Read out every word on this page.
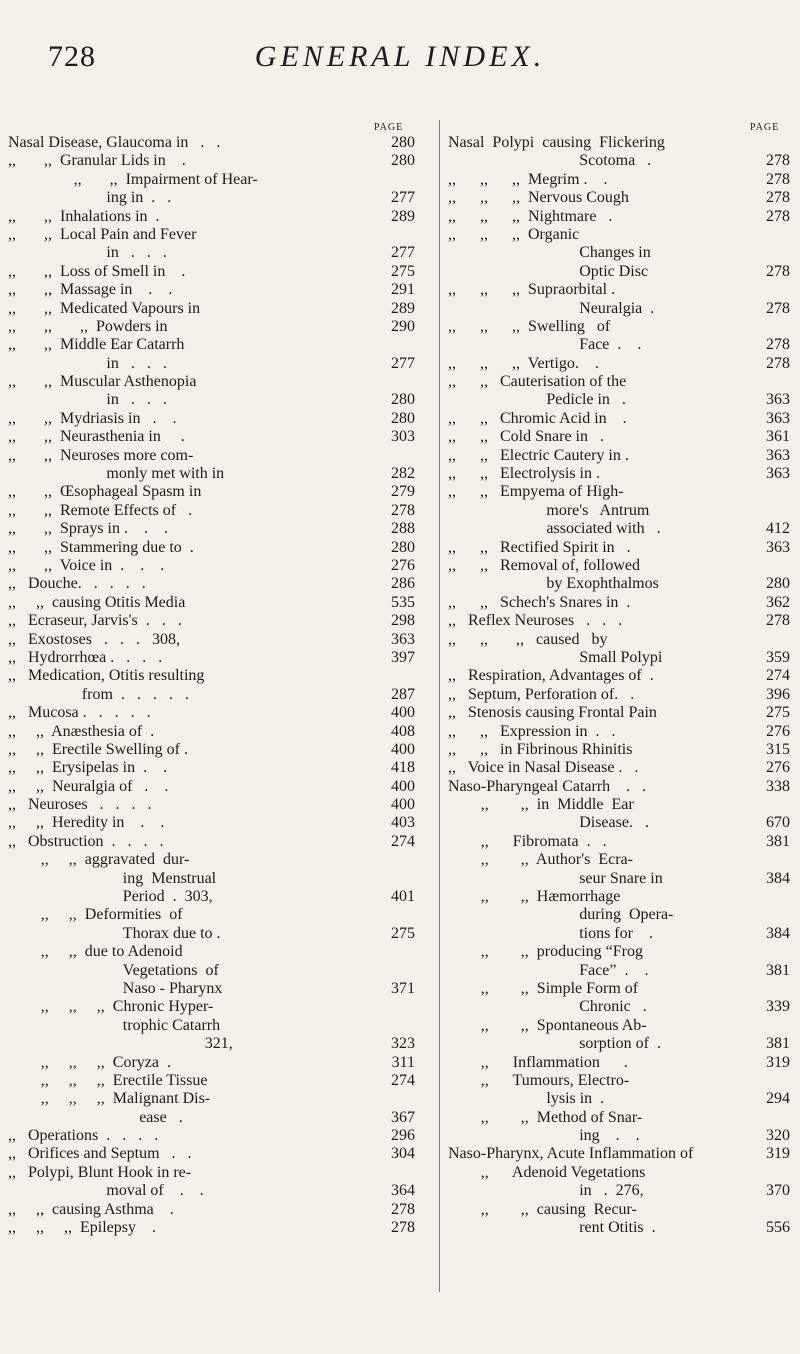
728	GENERAL INDEX.
PAGE	PAGE
Nasal Disease, Glaucoma in   .   .	280
,,       ,,  Granular Lids in    .	280
,,       ,,  Impairment of Hear-
ing in  .   .	277
,,       ,,  Inhalations in  .	289
,,       ,,  Local Pain and Fever
in   .   .   .	277
,,       ,,  Loss of Smell in    .	275
,,       ,,  Massage in    .    .	291
,,       ,,  Medicated Vapours in	289
,,       ,,       ,,  Powders in	290
,,       ,,  Middle Ear Catarrh
in   .   .   .	277
,,       ,,  Muscular Asthenopia
in   .   .   .	280
,,       ,,  Mydriasis in   .    .	280
,,       ,,  Neurasthenia in     .	303
,,       ,,  Neuroses more com-
monly met with in	282
,,       ,,  Œsophageal Spasm in	279
,,       ,,  Remote Effects of   .	278
,,       ,,  Sprays in .    .    .	288
,,       ,,  Stammering due to  .	280
,,       ,,  Voice in  .    .    .	276
,,   Douche.   .   .   .   .	286
,,     ,,  causing Otitis Media	535
,,   Ecraseur, Jarvis's  .   .   .	298
,,   Exostoses   .   .   .   308,	363
,,   Hydrorrhœa .   .   .   .	397
,,   Medication, Otitis resulting
from  .   .   .   .   .	287
,,   Mucosa .   .   .   .   .	400
,,     ,,  Anæsthesia of  .	408
,,     ,,  Erectile Swelling of .	400
,,     ,,  Erysipelas in  .    .	418
,,     ,,  Neuralgia of   .    .	400
,,   Neuroses   .   .   .   .	400
,,     ,,  Heredity in    .    .	403
,,   Obstruction  .   .   .   .	274
,,     ,,  aggravated  dur-
ing  Menstrual
Period  .  303,	401
,,     ,,  Deformities  of
Thorax due to .	275
,,     ,,  due to Adenoid
Vegetations  of
Naso - Pharynx	371
,,     ,,     ,,  Chronic Hyper-
trophic Catarrh
321,	323
,,     ,,     ,,  Coryza  .	311
,,     ,,     ,,  Erectile Tissue	274
,,     ,,     ,,  Malignant Dis-
ease   .	367
,,   Operations  .   .   .   .	296
,,   Orifices and Septum   .   .	304
,,   Polypi, Blunt Hook in re-
moval of    .    .	364
,,     ,,  causing Asthma    .	278
,,     ,,     ,,  Epilepsy    .	278
Nasal  Polypi  causing  Flickering
Scotoma   .	278
,,      ,,      ,,  Megrim .    .	278
,,      ,,      ,,  Nervous Cough	278
,,      ,,      ,,  Nightmare   .	278
,,      ,,      ,,  Organic
Changes in
Optic Disc	278
,,      ,,      ,,  Supraorbital .
Neuralgia  .	278
,,      ,,      ,,  Swelling   of
Face  .    .	278
,,      ,,      ,,  Vertigo.    .	278
,,      ,,   Cauterisation of the
Pedicle in   .	363
,,      ,,   Chromic Acid in    .	363
,,      ,,   Cold Snare in   .	361
,,      ,,   Electric Cautery in .	363
,,      ,,   Electrolysis in .	363
,,      ,,   Empyema of High-
more's   Antrum
associated with   .	412
,,      ,,   Rectified Spirit in   .	363
,,      ,,   Removal of, followed
by Exophthalmos	280
,,      ,,   Schech's Snares in  .	362
,,   Reflex Neuroses   .   .   .	278
,,      ,,       ,,   caused   by
Small Polypi	359
,,   Respiration, Advantages of  .	274
,,   Septum, Perforation of.   .	396
,,   Stenosis causing Frontal Pain	275
,,      ,,   Expression in  .   .	276
,,      ,,   in Fibrinous Rhinitis	315
,,   Voice in Nasal Disease .   .	276
Naso-Pharyngeal Catarrh    .   .	338
,,        ,,  in  Middle  Ear
Disease.   .	670
,,      Fibromata  .   .	381
,,        ,,  Author's  Ecra-
seur Snare in	384
,,        ,,  Hæmorrhage
during  Opera-
tions for    .	384
,,        ,,  producing “Frog
Face”  .    .	381
,,        ,,  Simple Form of
Chronic   .	339
,,        ,,  Spontaneous Ab-
sorption of  .	381
,,      Inflammation      .	319
,,      Tumours, Electro-
lysis in  .	294
,,        ,,  Method of Snar-
ing    .    .	320
Naso-Pharynx, Acute Inflammation of	319
,,      Adenoid Vegetations
in   .  276,	370
,,        ,,  causing  Recur-
rent Otitis  .	556
